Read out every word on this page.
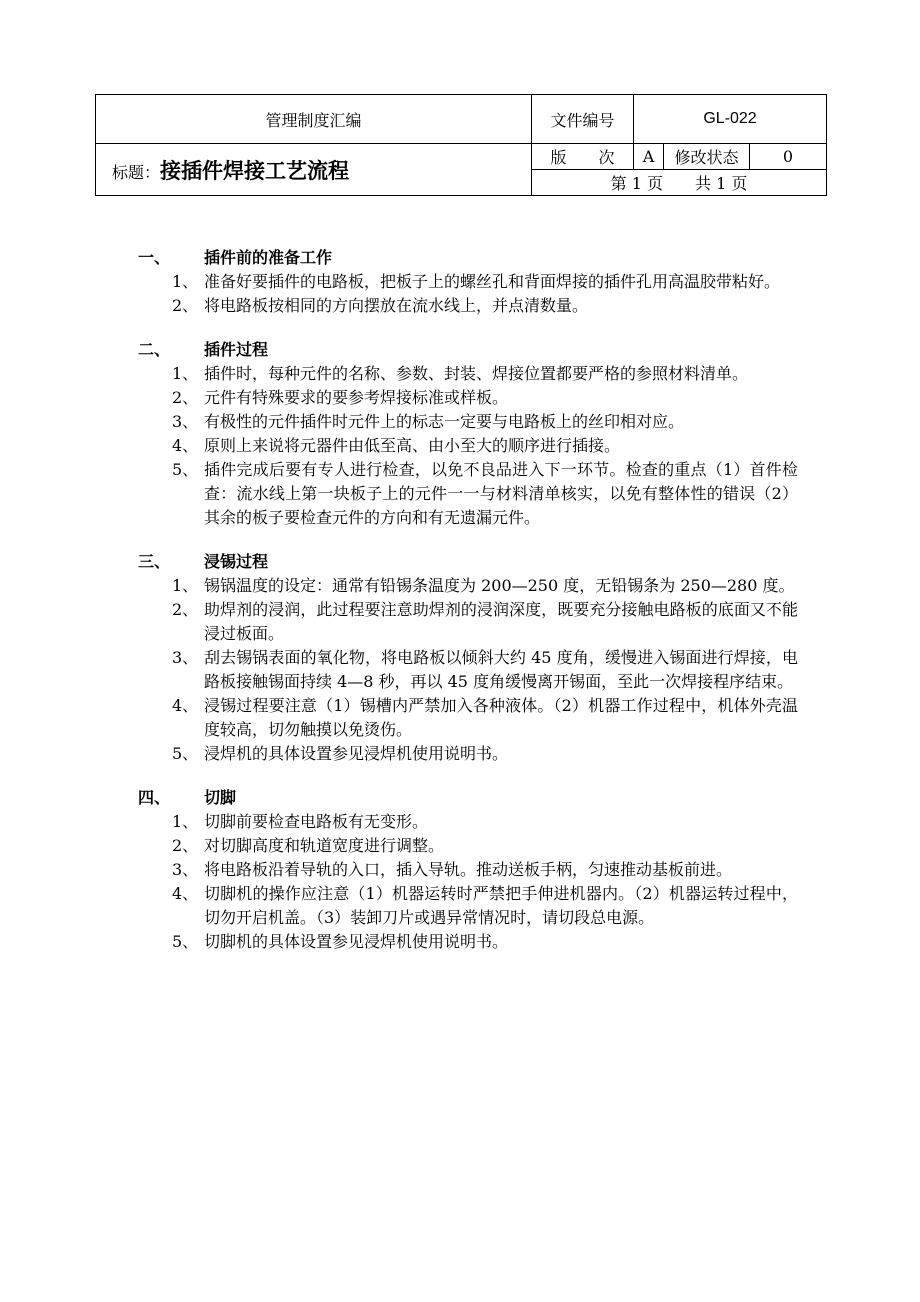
管理制度汇编	文件编号	GL-022		
标题：接插件焊接工艺流程	版　　次	A	修改状态	0
	第 1 页　　共 1 页			
一、	插件前的准备工作
1、 准备好要插件的电路板，把板子上的螺丝孔和背面焊接的插件孔用高温胶带粘好。
2、 将电路板按相同的方向摆放在流水线上，并点清数量。
二、	插件过程
1、 插件时，每种元件的名称、参数、封装、焊接位置都要严格的参照材料清单。
2、 元件有特殊要求的要参考焊接标准或样板。
3、 有极性的元件插件时元件上的标志一定要与电路板上的丝印相对应。
4、 原则上来说将元器件由低至高、由小至大的顺序进行插接。
5、 插件完成后要有专人进行检查，以免不良品进入下一环节。检查的重点（1）首件检查：流水线上第一块板子上的元件一一与材料清单核实，以免有整体性的错误（2）其余的板子要检查元件的方向和有无遗漏元件。
三、	浸锡过程
1、 锡锅温度的设定：通常有铅锡条温度为 200—250 度，无铅锡条为 250—280 度。
2、 助焊剂的浸润，此过程要注意助焊剂的浸润深度，既要充分接触电路板的底面又不能浸过板面。
3、 刮去锡锅表面的氧化物，将电路板以倾斜大约 45 度角，缓慢进入锡面进行焊接，电路板接触锡面持续 4—8 秒，再以 45 度角缓慢离开锡面，至此一次焊接程序结束。
4、 浸锡过程要注意（1）锡槽内严禁加入各种液体。（2）机器工作过程中，机体外壳温度较高，切勿触摸以免烫伤。
5、 浸焊机的具体设置参见浸焊机使用说明书。
四、	切脚
1、 切脚前要检查电路板有无变形。
2、 对切脚高度和轨道宽度进行调整。
3、 将电路板沿着导轨的入口，插入导轨。推动送板手柄，匀速推动基板前进。
4、 切脚机的操作应注意（1）机器运转时严禁把手伸进机器内。（2）机器运转过程中，切勿开启机盖。（3）装卸刀片或遇异常情况时，请切段总电源。
5、 切脚机的具体设置参见浸焊机使用说明书。
